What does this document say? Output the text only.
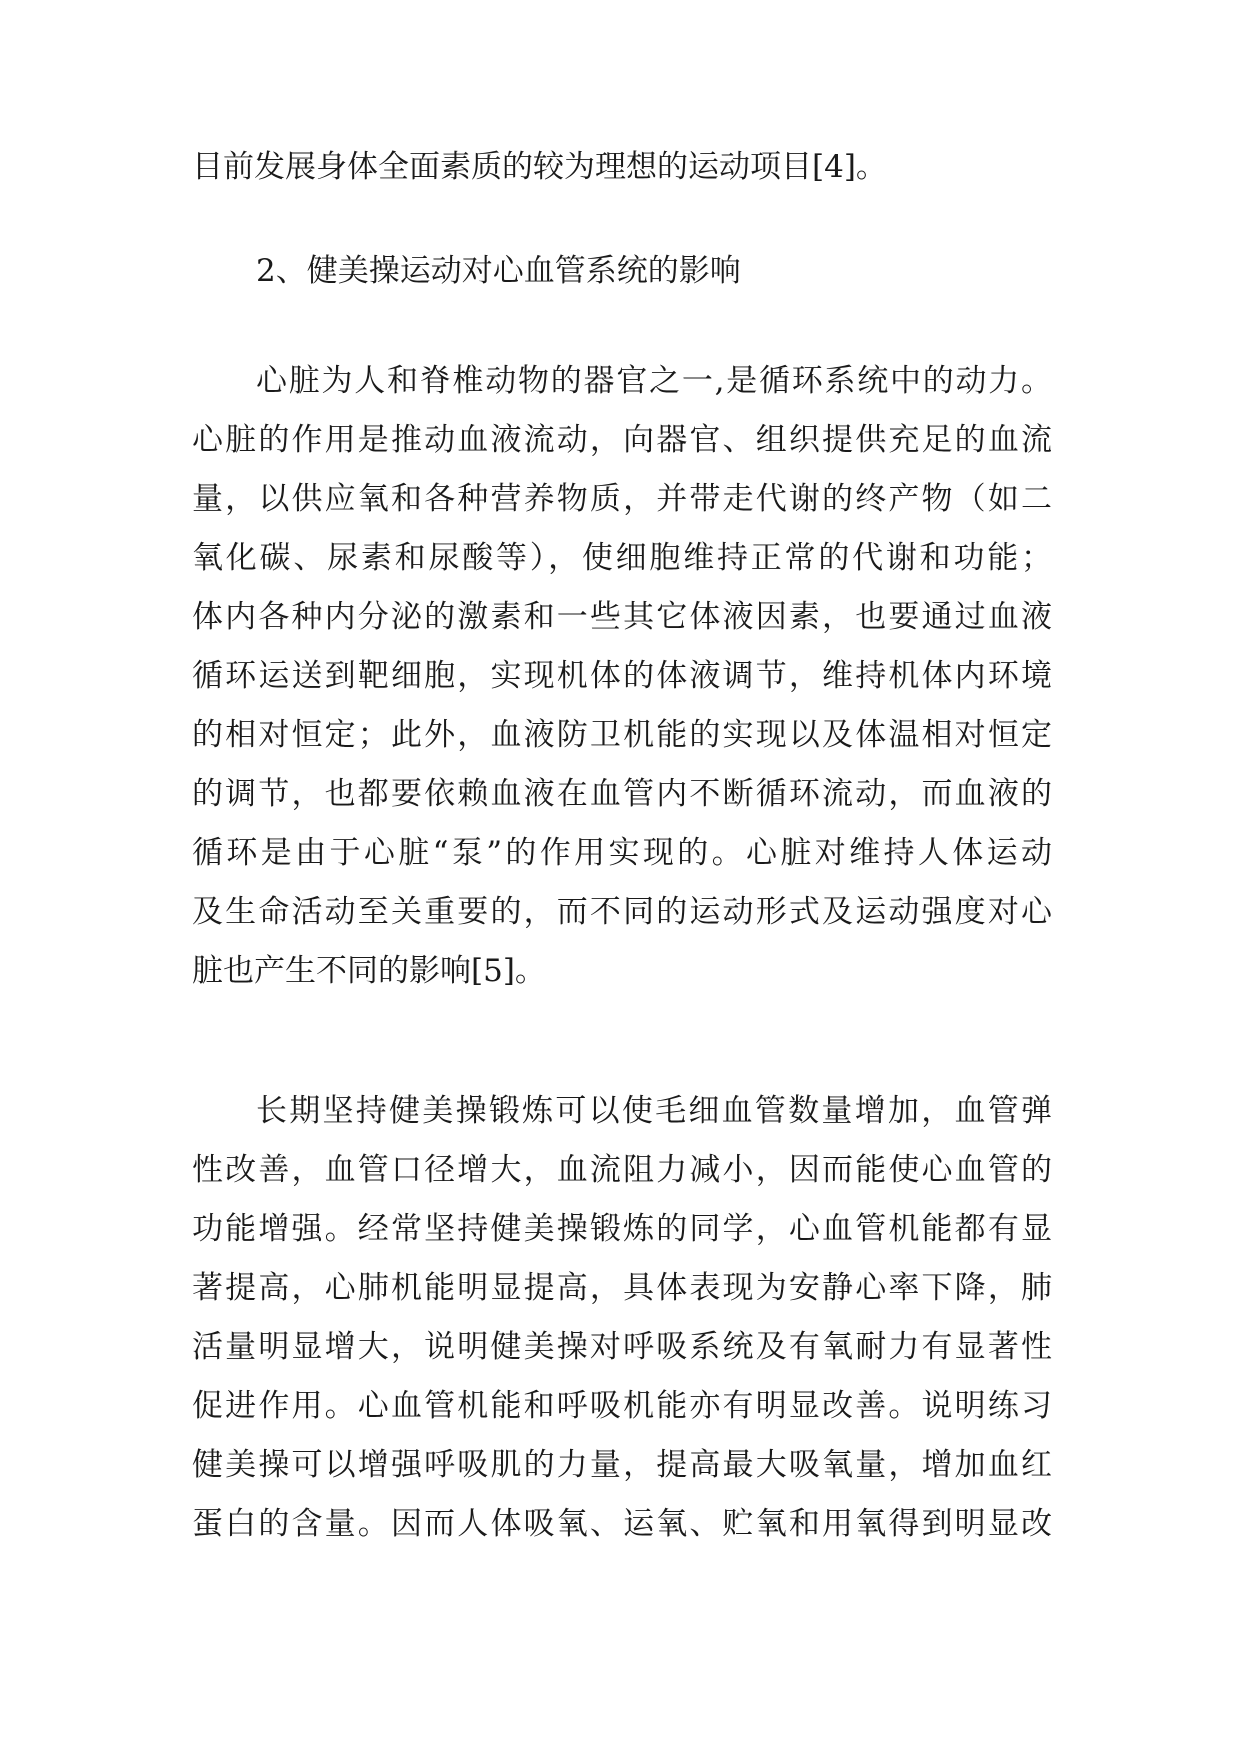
目前发展身体全面素质的较为理想的运动项目[4]。
2、健美操运动对心血管系统的影响
心脏为人和脊椎动物的器官之一,是循环系统中的动力。
心脏的作用是推动血液流动，向器官、组织提供充足的血流
量，以供应氧和各种营养物质，并带走代谢的终产物（如二
氧化碳、尿素和尿酸等），使细胞维持正常的代谢和功能；
体内各种内分泌的激素和一些其它体液因素，也要通过血液
循环运送到靶细胞，实现机体的体液调节，维持机体内环境
的相对恒定；此外，血液防卫机能的实现以及体温相对恒定
的调节，也都要依赖血液在血管内不断循环流动，而血液的
循环是由于心脏“泵”的作用实现的。心脏对维持人体运动
及生命活动至关重要的，而不同的运动形式及运动强度对心
脏也产生不同的影响[5]。
长期坚持健美操锻炼可以使毛细血管数量增加，血管弹
性改善，血管口径增大，血流阻力减小，因而能使心血管的
功能增强。经常坚持健美操锻炼的同学，心血管机能都有显
著提高，心肺机能明显提高，具体表现为安静心率下降，肺
活量明显增大，说明健美操对呼吸系统及有氧耐力有显著性
促进作用。心血管机能和呼吸机能亦有明显改善。说明练习
健美操可以增强呼吸肌的力量，提高最大吸氧量，增加血红
蛋白的含量。因而人体吸氧、运氧、贮氧和用氧得到明显改
